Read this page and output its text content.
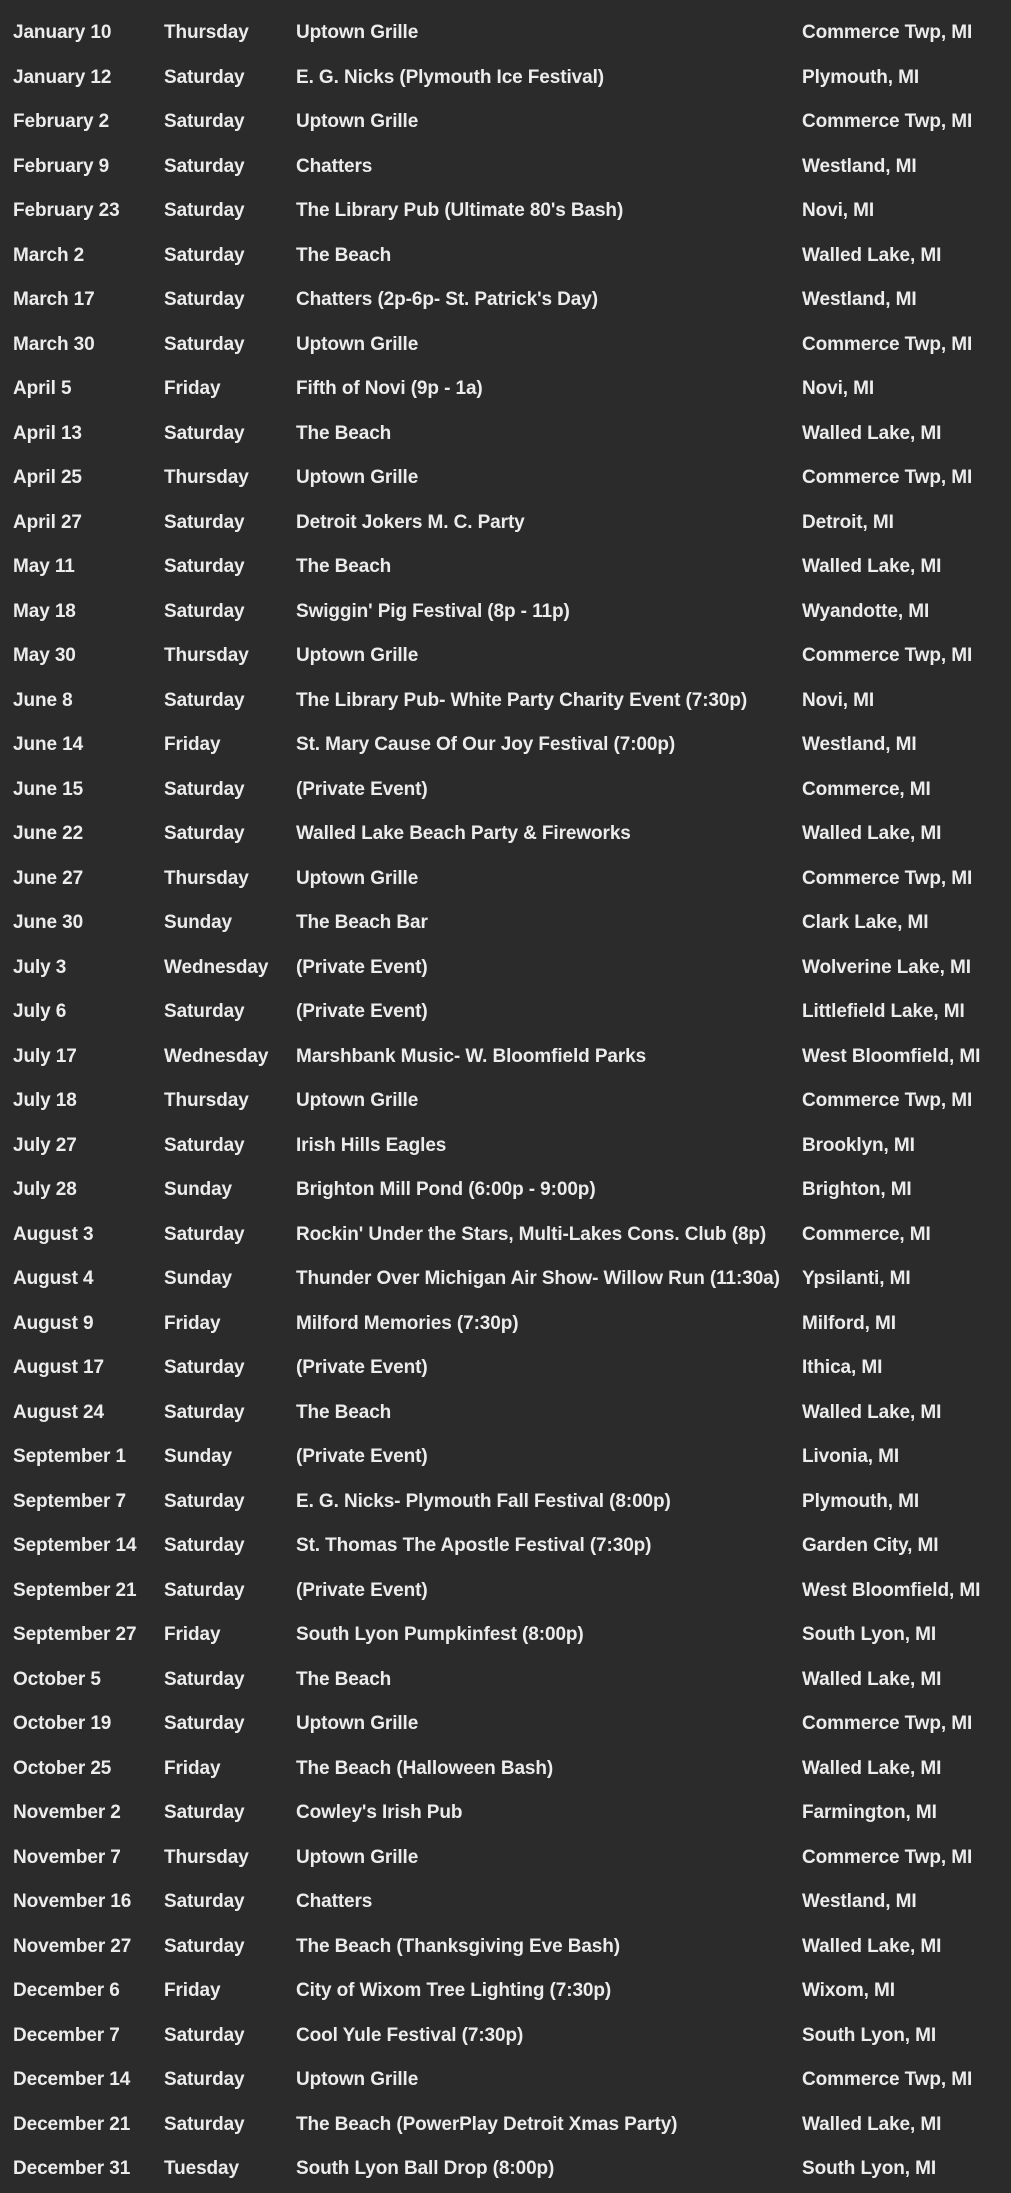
January 10	Thursday Uptown Grille	Commerce Twp, MI
January 12	Saturday	E. G. Nicks (Plymouth Ice Festival)	Plymouth, MI
February 2	Saturday	Uptown Grille	Commerce Twp, MI
February 9	Saturday	Chatters	Westland, MI
February 23 Saturday	The Library Pub (Ultimate 80's Bash)	Novi, MI
March 2	Saturday	The Beach	Walled Lake, MI
March 17	Saturday	Chatters (2p-6p- St. Patrick's Day)	Westland, MI
March 30	Saturday	Uptown Grille	Commerce Twp, MI
April 5	Friday	Fifth of Novi (9p - 1a)	Novi, MI
April 13	Saturday	The Beach	Walled Lake, MI
April 25	Thursday Uptown Grille	Commerce Twp, MI
April 27	Saturday	Detroit Jokers M. C. Party	Detroit, MI
May 11	Saturday	The Beach	Walled Lake, MI
May 18	Saturday	Swiggin' Pig Festival (8p - 11p)	Wyandotte, MI
May 30	Thursday Uptown Grille	Commerce Twp, MI
June 8	Saturday	The Library Pub- White Party Charity Event (7:30p)	Novi, MI
June 14	Friday	St. Mary Cause Of Our Joy Festival (7:00p)	Westland, MI
June 15	Saturday	(Private Event)	Commerce, MI
June 22	Saturday	Walled Lake Beach Party & Fireworks	Walled Lake, MI
June 27	Thursday Uptown Grille	Commerce Twp, MI
June 30	Sunday	The Beach Bar	Clark Lake, MI
July 3	Wednesday (Private Event)	Wolverine Lake, MI
July 6	Saturday	(Private Event)	Littlefield Lake, MI
July 17	Wednesday Marshbank Music- W. Bloomfield Parks	West Bloomfield, MI
July 18	Thursday Uptown Grille	Commerce Twp, MI
July 27	Saturday	Irish Hills Eagles	Brooklyn, MI
July 28	Sunday	Brighton Mill Pond (6:00p - 9:00p)	Brighton, MI
August 3	Saturday	Rockin' Under the Stars, Multi-Lakes Cons. Club (8p) Commerce, MI
August 4	Sunday	Thunder Over Michigan Air Show- Willow Run (11:30a) Ypsilanti, MI
August 9	Friday	Milford Memories (7:30p)	Milford, MI
August 17	Saturday	(Private Event)	Ithica, MI
August 24	Saturday	The Beach	Walled Lake, MI
September 1 Sunday	(Private Event)	Livonia, MI
September 7 Saturday	E. G. Nicks- Plymouth Fall Festival (8:00p)	Plymouth, MI
September 14 Saturday	St. Thomas The Apostle Festival (7:30p)	Garden City, MI
September 21 Saturday	(Private Event)	West Bloomfield, MI
September 27 Friday	South Lyon Pumpkinfest (8:00p)	South Lyon, MI
October 5	Saturday	The Beach	Walled Lake, MI
October 19	Saturday	Uptown Grille	Commerce Twp, MI
October 25	Friday	The Beach (Halloween Bash)	Walled Lake, MI
November 2 Saturday	Cowley's Irish Pub	Farmington, MI
November 7 Thursday Uptown Grille	Commerce Twp, MI
November 16 Saturday	Chatters	Westland, MI
November 27 Saturday	The Beach (Thanksgiving Eve Bash)	Walled Lake, MI
December 6 Friday	City of Wixom Tree Lighting (7:30p)	Wixom, MI
December 7 Saturday	Cool Yule Festival (7:30p)	South Lyon, MI
December 14 Saturday	Uptown Grille	Commerce Twp, MI
December 21 Saturday	The Beach (PowerPlay Detroit Xmas Party)	Walled Lake, MI
December 31 Tuesday	South Lyon Ball Drop (8:00p)	South Lyon, MI
